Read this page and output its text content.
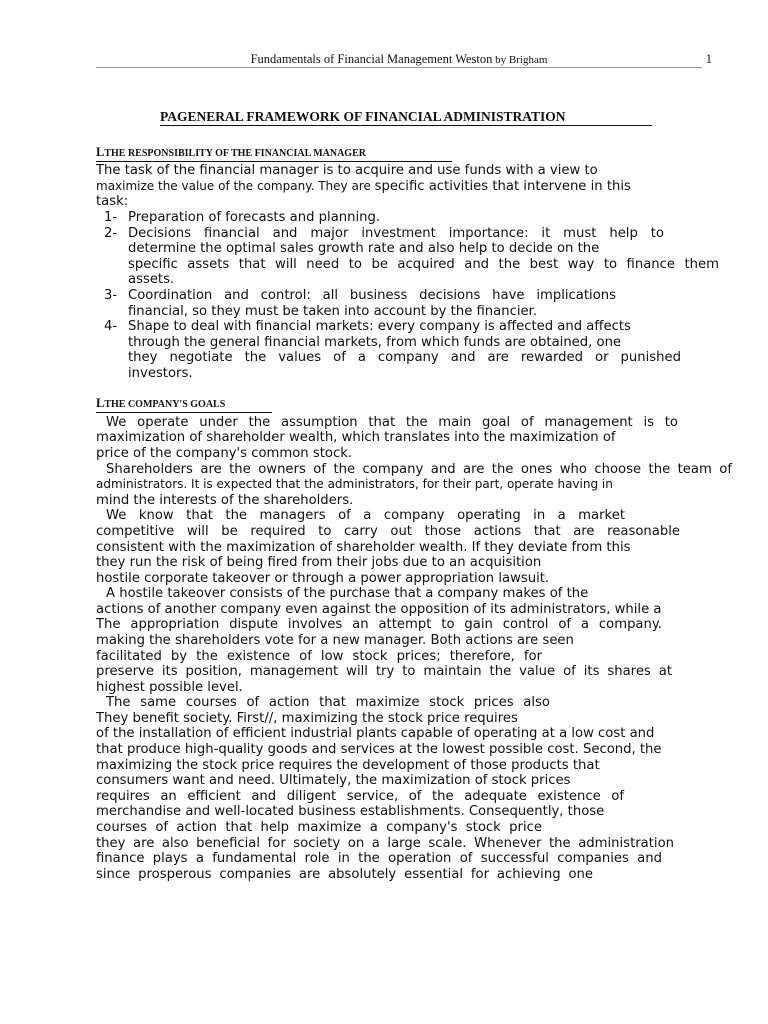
Fundamentals of Financial Management Weston by Brigham	1
PAGENERAL FRAMEWORK OF FINANCIAL ADMINISTRATION
LTHE RESPONSIBILITY OF THE FINANCIAL MANAGER
The task of the financial manager is to acquire and use funds with a view to
maximize the value of the company. They are specific activities that intervene in this
task:
1- Preparation of forecasts and planning.
2- Decisions financial and major investment importance: it must help to
determine the optimal sales growth rate and also help to decide on the
specific assets that will need to be acquired and the best way to finance them
assets.
3- Coordination and control: all business decisions have implications
financial, so they must be taken into account by the financier.
4- Shape to deal with financial markets: every company is affected and affects
through the general financial markets, from which funds are obtained, one
they negotiate the values of a company and are rewarded or punished
investors.
LTHE COMPANY'S GOALS
We operate under the assumption that the main goal of management is to
maximization of shareholder wealth, which translates into the maximization of
price of the company's common stock.
Shareholders are the owners of the company and are the ones who choose the team of
administrators. It is expected that the administrators, for their part, operate having in
mind the interests of the shareholders.
We know that the managers of a company operating in a market
competitive will be required to carry out those actions that are reasonable
consistent with the maximization of shareholder wealth. If they deviate from this
they run the risk of being fired from their jobs due to an acquisition
hostile corporate takeover or through a power appropriation lawsuit.
A hostile takeover consists of the purchase that a company makes of the
actions of another company even against the opposition of its administrators, while a
The appropriation dispute involves an attempt to gain control of a company.
making the shareholders vote for a new manager. Both actions are seen
facilitated by the existence of low stock prices; therefore, for
preserve its position, management will try to maintain the value of its shares at
highest possible level.
The same courses of action that maximize stock prices also
They benefit society. First//, maximizing the stock price requires
of the installation of efficient industrial plants capable of operating at a low cost and
that produce high-quality goods and services at the lowest possible cost. Second, the
maximizing the stock price requires the development of those products that
consumers want and need. Ultimately, the maximization of stock prices
requires an efficient and diligent service, of the adequate existence of
merchandise and well-located business establishments. Consequently, those
courses of action that help maximize a company's stock price
they are also beneficial for society on a large scale. Whenever the administration
finance plays a fundamental role in the operation of successful companies and
since prosperous companies are absolutely essential for achieving one
